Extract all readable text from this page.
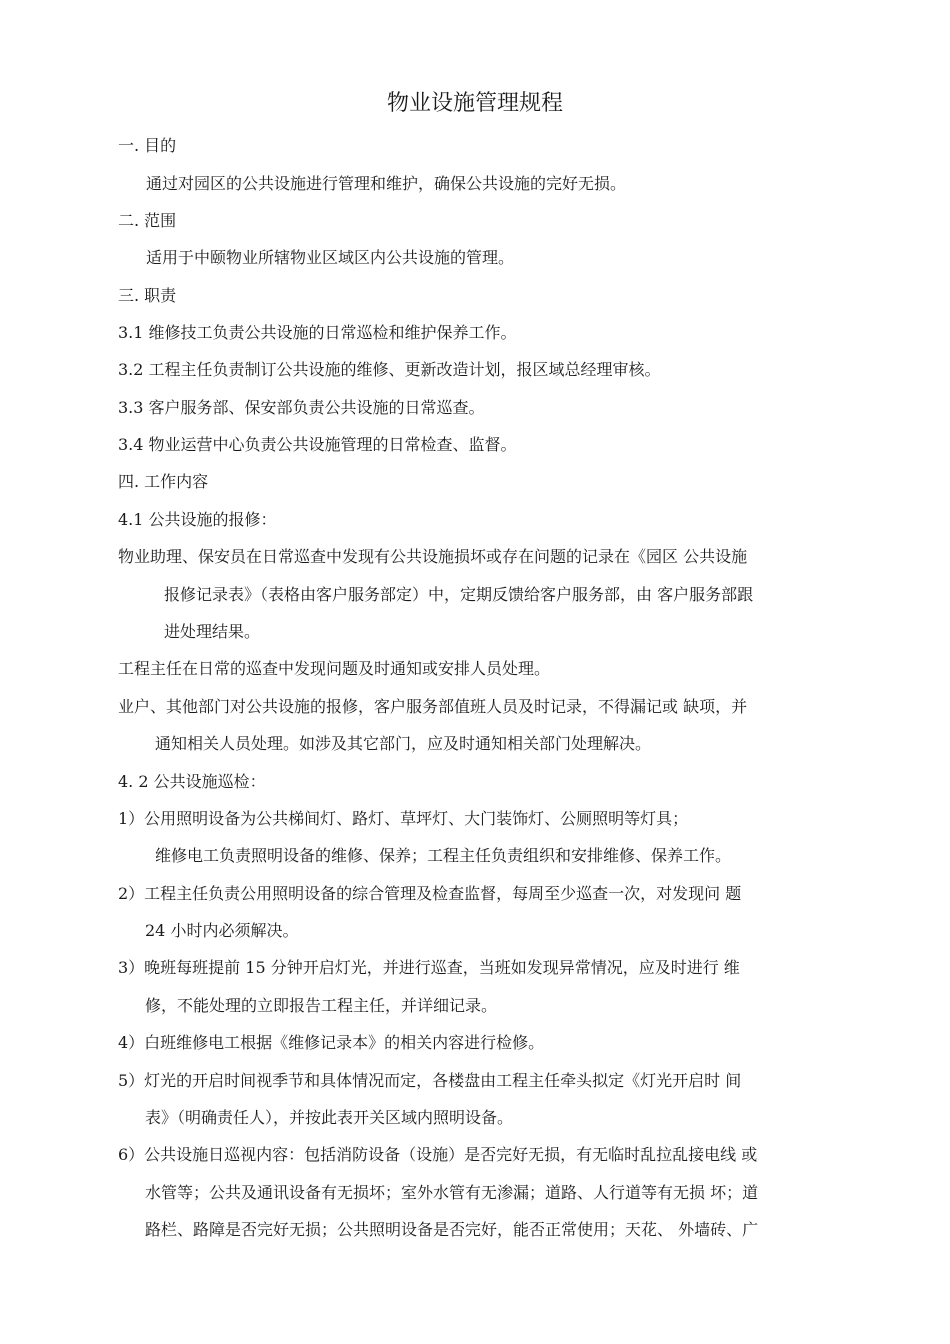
物业设施管理规程
一. 目的
通过对园区的公共设施进行管理和维护，确保公共设施的完好无损。
二. 范围
适用于中颐物业所辖物业区域区内公共设施的管理。
三. 职责
3.1 维修技工负责公共设施的日常巡检和维护保养工作。
3.2 工程主任负责制订公共设施的维修、更新改造计划，报区域总经理审核。
3.3 客户服务部、保安部负责公共设施的日常巡查。
3.4 物业运营中心负责公共设施管理的日常检查、监督。
四. 工作内容
4.1 公共设施的报修：
物业助理、保安员在日常巡查中发现有公共设施损坏或存在问题的记录在《园区 公共设施
报修记录表》（表格由客户服务部定）中，定期反馈给客户服务部，由 客户服务部跟
进处理结果。
工程主任在日常的巡查中发现问题及时通知或安排人员处理。
业户、其他部门对公共设施的报修，客户服务部值班人员及时记录，不得漏记或 缺项，并
通知相关人员处理。如涉及其它部门，应及时通知相关部门处理解决。
4. 2 公共设施巡检：
1）公用照明设备为公共梯间灯、路灯、草坪灯、大门装饰灯、公厕照明等灯具；
维修电工负责照明设备的维修、保养；工程主任负责组织和安排维修、保养工作。
2）工程主任负责公用照明设备的综合管理及检查监督，每周至少巡查一次，对发现问 题
24 小时内必须解决。
3）晚班每班提前 15 分钟开启灯光，并进行巡查，当班如发现异常情况，应及时进行 维
修，不能处理的立即报告工程主任，并详细记录。
4）白班维修电工根据《维修记录本》的相关内容进行检修。
5）灯光的开启时间视季节和具体情况而定，各楼盘由工程主任牵头拟定《灯光开启时 间
表》（明确责任人），并按此表开关区域内照明设备。
6）公共设施日巡视内容：包括消防设备（设施）是否完好无损，有无临时乱拉乱接电线 或
水管等；公共及通讯设备有无损坏；室外水管有无渗漏；道路、人行道等有无损 坏；道
路栏、路障是否完好无损；公共照明设备是否完好，能否正常使用；天花、 外墙砖、广
